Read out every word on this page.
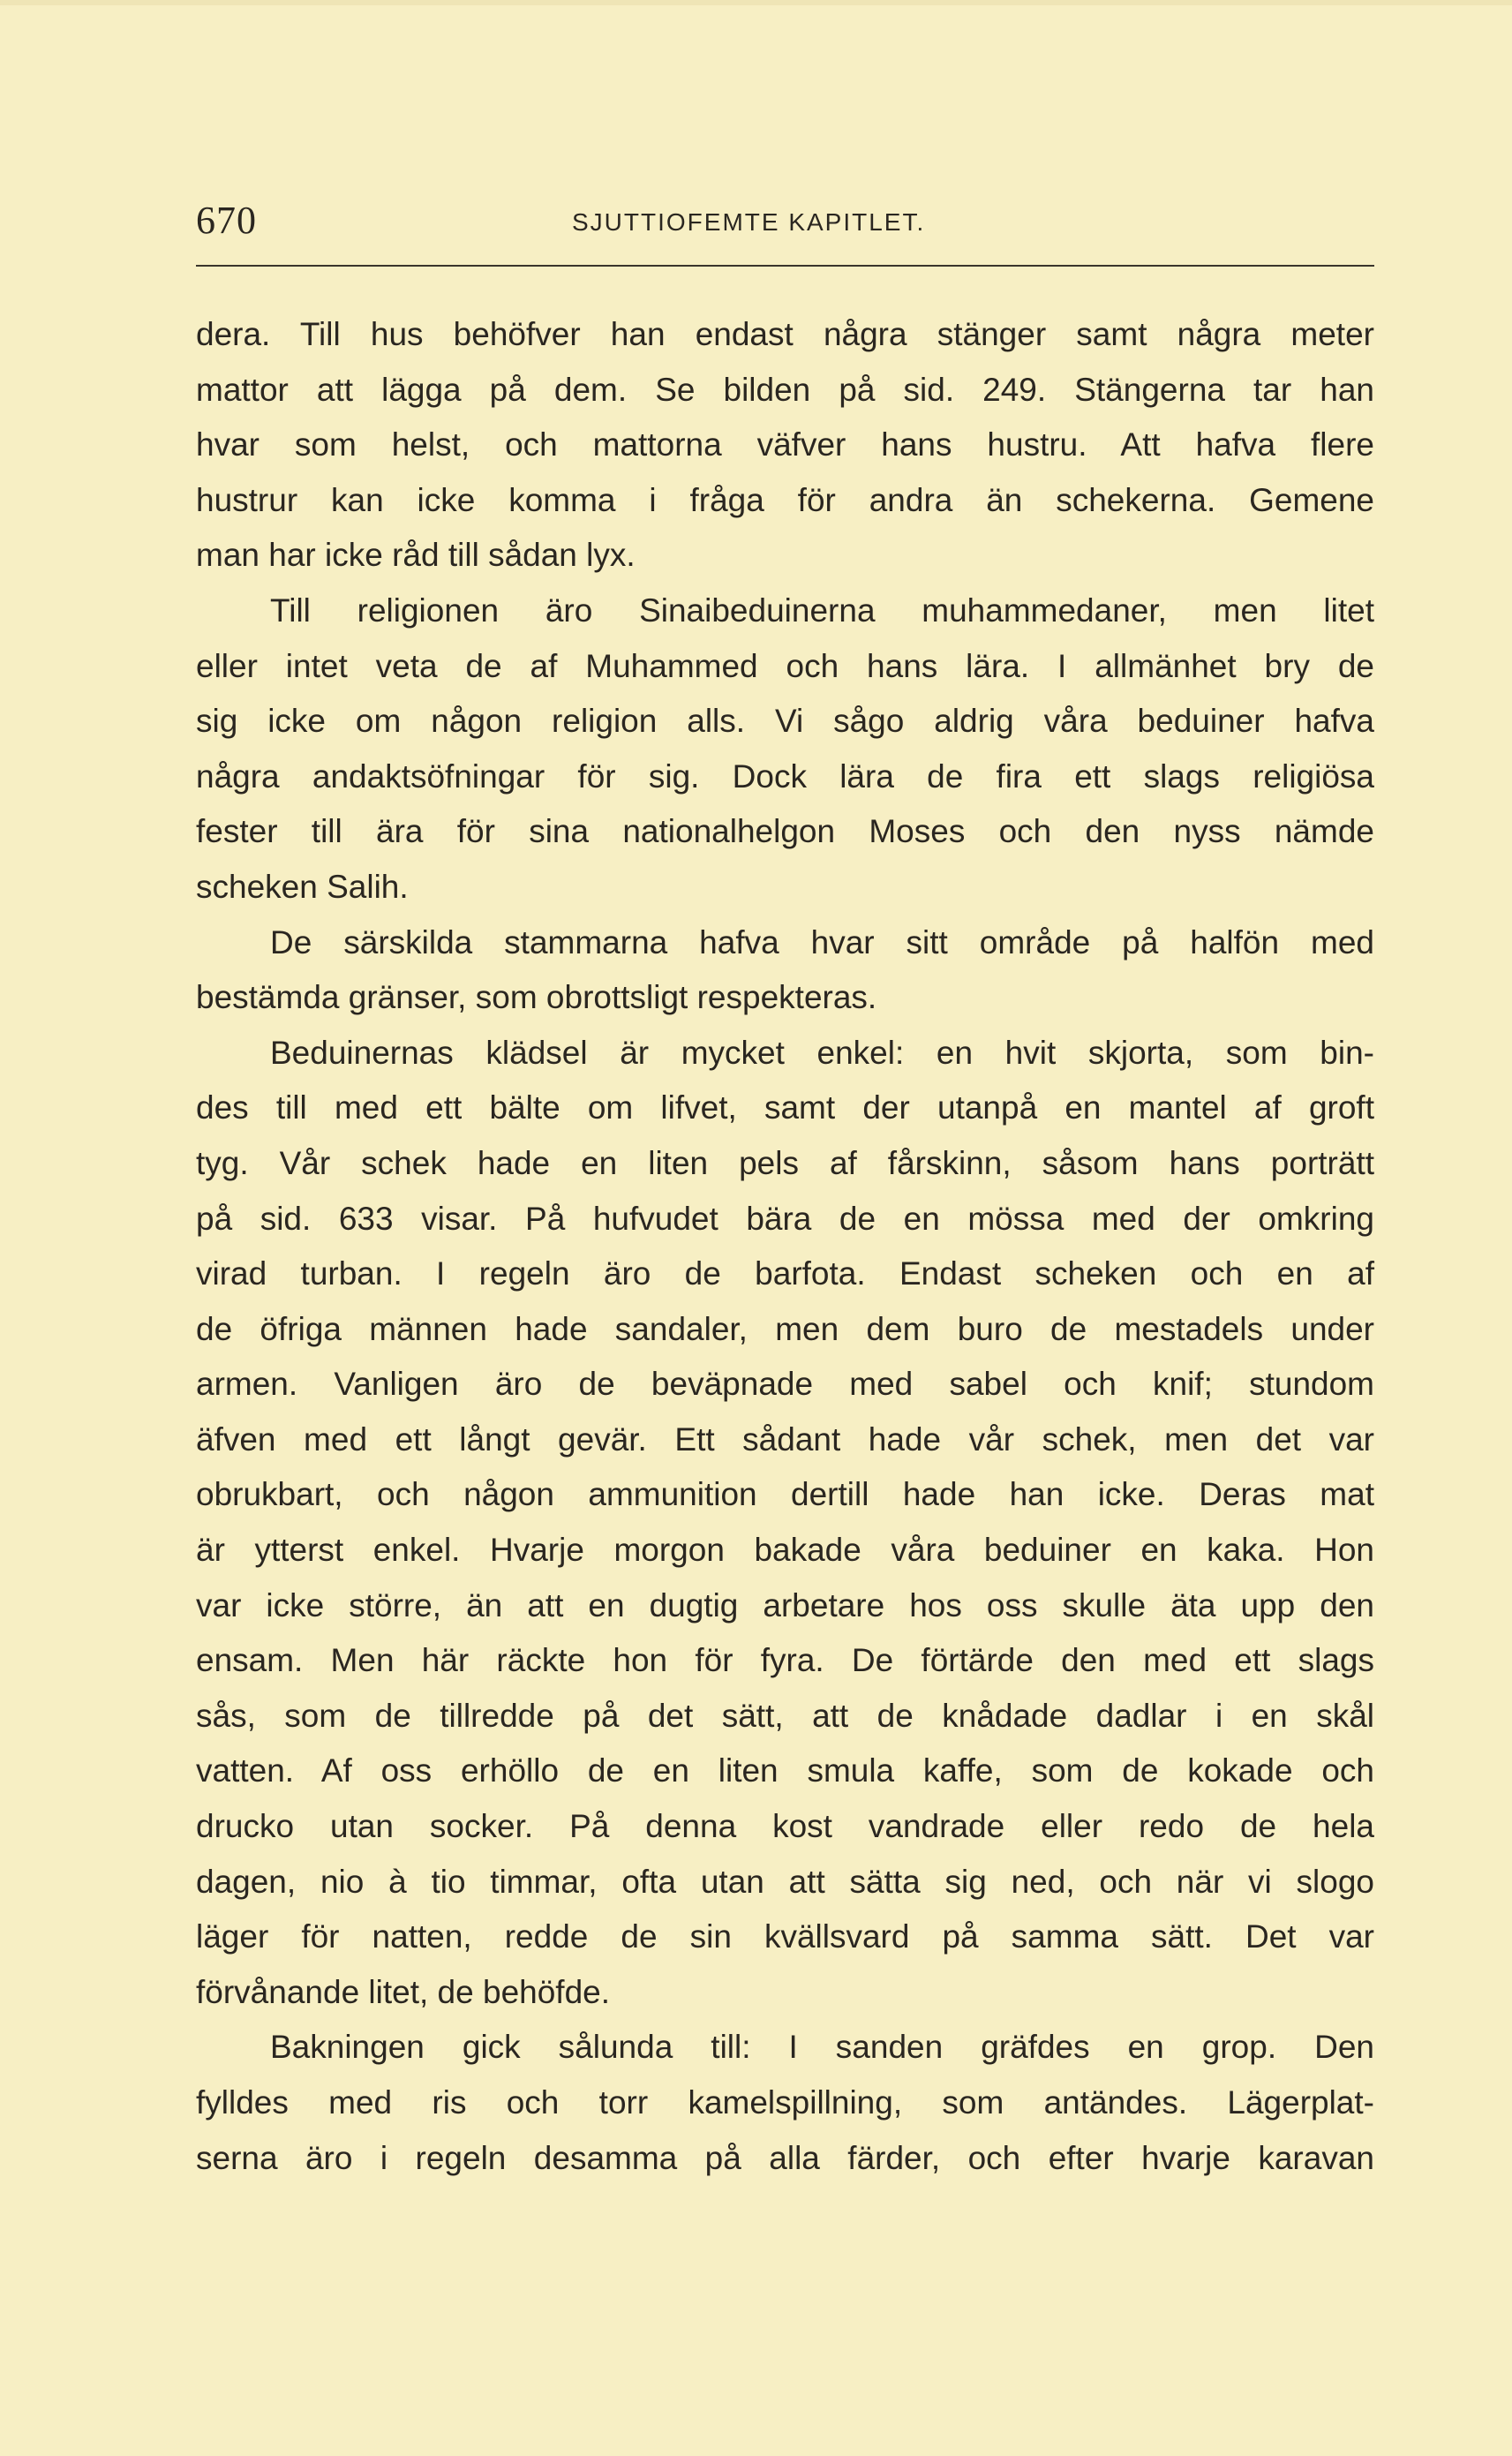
670	SJUTTIOFEMTE KAPITLET.
dera. Till hus behöfver han endast några stänger samt några meter
mattor att lägga på dem. Se bilden på sid. 249. Stängerna tar han
hvar som helst, och mattorna väfver hans hustru. Att hafva flere
hustrur kan icke komma i fråga för andra än schekerna. Gemene
man har icke råd till sådan lyx.
Till religionen äro Sinaibeduinerna muhammedaner, men litet
eller intet veta de af Muhammed och hans lära. I allmänhet bry de
sig icke om någon religion alls. Vi sågo aldrig våra beduiner hafva
några andaktsöfningar för sig. Dock lära de fira ett slags religiösa
fester till ära för sina nationalhelgon Moses och den nyss nämde
scheken Salih.
De särskilda stammarna hafva hvar sitt område på halfön med
bestämda gränser, som obrottsligt respekteras.
Beduinernas klädsel är mycket enkel: en hvit skjorta, som bin-
des till med ett bälte om lifvet, samt der utanpå en mantel af groft
tyg. Vår schek hade en liten pels af fårskinn, såsom hans porträtt
på sid. 633 visar. På hufvudet bära de en mössa med der omkring
virad turban. I regeln äro de barfota. Endast scheken och en af
de öfriga männen hade sandaler, men dem buro de mestadels under
armen. Vanligen äro de beväpnade med sabel och knif; stundom
äfven med ett långt gevär. Ett sådant hade vår schek, men det var
obrukbart, och någon ammunition dertill hade han icke. Deras mat
är ytterst enkel. Hvarje morgon bakade våra beduiner en kaka. Hon
var icke större, än att en dugtig arbetare hos oss skulle äta upp den
ensam. Men här räckte hon för fyra. De förtärde den med ett slags
sås, som de tillredde på det sätt, att de knådade dadlar i en skål
vatten. Af oss erhöllo de en liten smula kaffe, som de kokade och
drucko utan socker. På denna kost vandrade eller redo de hela
dagen, nio à tio timmar, ofta utan att sätta sig ned, och när vi slogo
läger för natten, redde de sin kvällsvard på samma sätt. Det var
förvånande litet, de behöfde.
Bakningen gick sålunda till: I sanden gräfdes en grop. Den
fylldes med ris och torr kamelspillning, som antändes. Lägerplat-
serna äro i regeln desamma på alla färder, och efter hvarje karavan
